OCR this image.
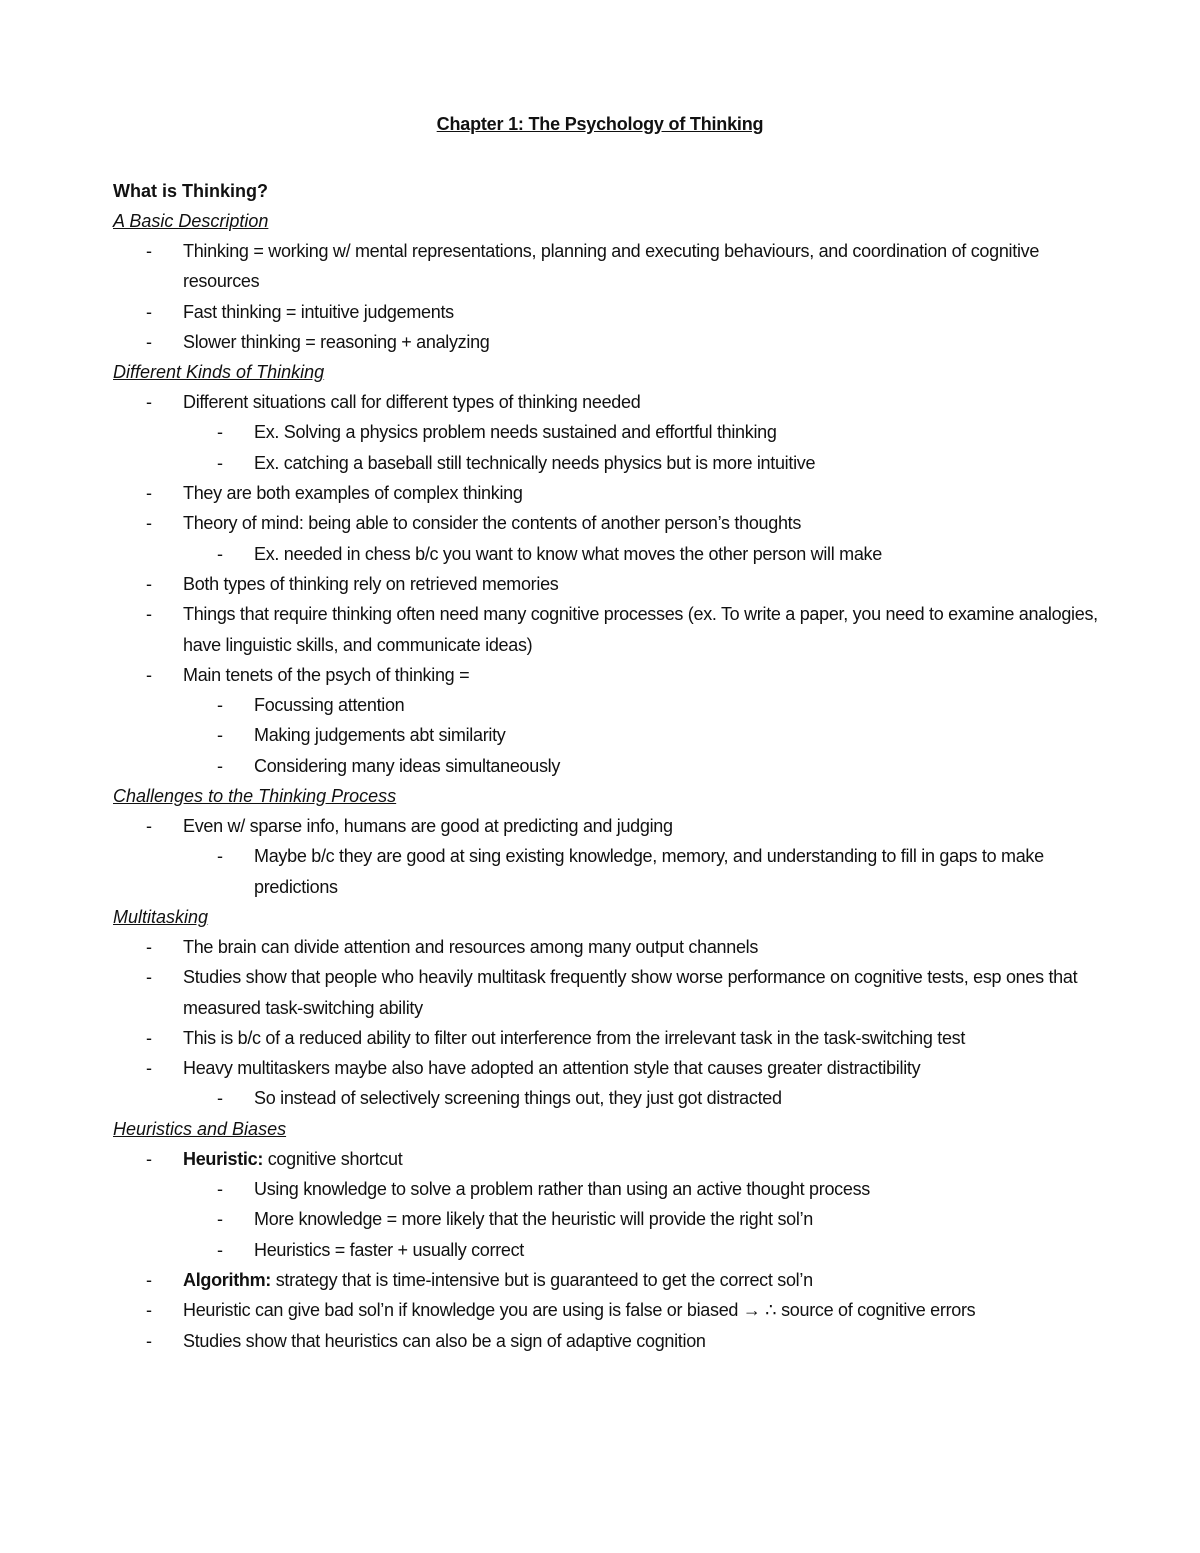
Chapter 1: The Psychology of Thinking
What is Thinking?
A Basic Description
- Thinking = working w/ mental representations, planning and executing behaviours, and coordination of cognitive resources
- Fast thinking = intuitive judgements
- Slower thinking = reasoning + analyzing
Different Kinds of Thinking
- Different situations call for different types of thinking needed
- Ex. Solving a physics problem needs sustained and effortful thinking
- Ex. catching a baseball still technically needs physics but is more intuitive
- They are both examples of complex thinking
- Theory of mind: being able to consider the contents of another person’s thoughts
- Ex. needed in chess b/c you want to know what moves the other person will make
- Both types of thinking rely on retrieved memories
- Things that require thinking often need many cognitive processes (ex. To write a paper, you need to examine analogies, have linguistic skills, and communicate ideas)
- Main tenets of the psych of thinking =
- Focussing attention
- Making judgements abt similarity
- Considering many ideas simultaneously
Challenges to the Thinking Process
- Even w/ sparse info, humans are good at predicting and judging
- Maybe b/c they are good at sing existing knowledge, memory, and understanding to fill in gaps to make predictions
Multitasking
- The brain can divide attention and resources among many output channels
- Studies show that people who heavily multitask frequently show worse performance on cognitive tests, esp ones that measured task-switching ability
- This is b/c of a reduced ability to filter out interference from the irrelevant task in the task-switching test
- Heavy multitaskers maybe also have adopted an attention style that causes greater distractibility
- So instead of selectively screening things out, they just got distracted
Heuristics and Biases
- Heuristic: cognitive shortcut
- Using knowledge to solve a problem rather than using an active thought process
- More knowledge = more likely that the heuristic will provide the right sol’n
- Heuristics = faster + usually correct
- Algorithm: strategy that is time-intensive but is guaranteed to get the correct sol’n
- Heuristic can give bad sol’n if knowledge you are using is false or biased → ∴ source of cognitive errors
- Studies show that heuristics can also be a sign of adaptive cognition
